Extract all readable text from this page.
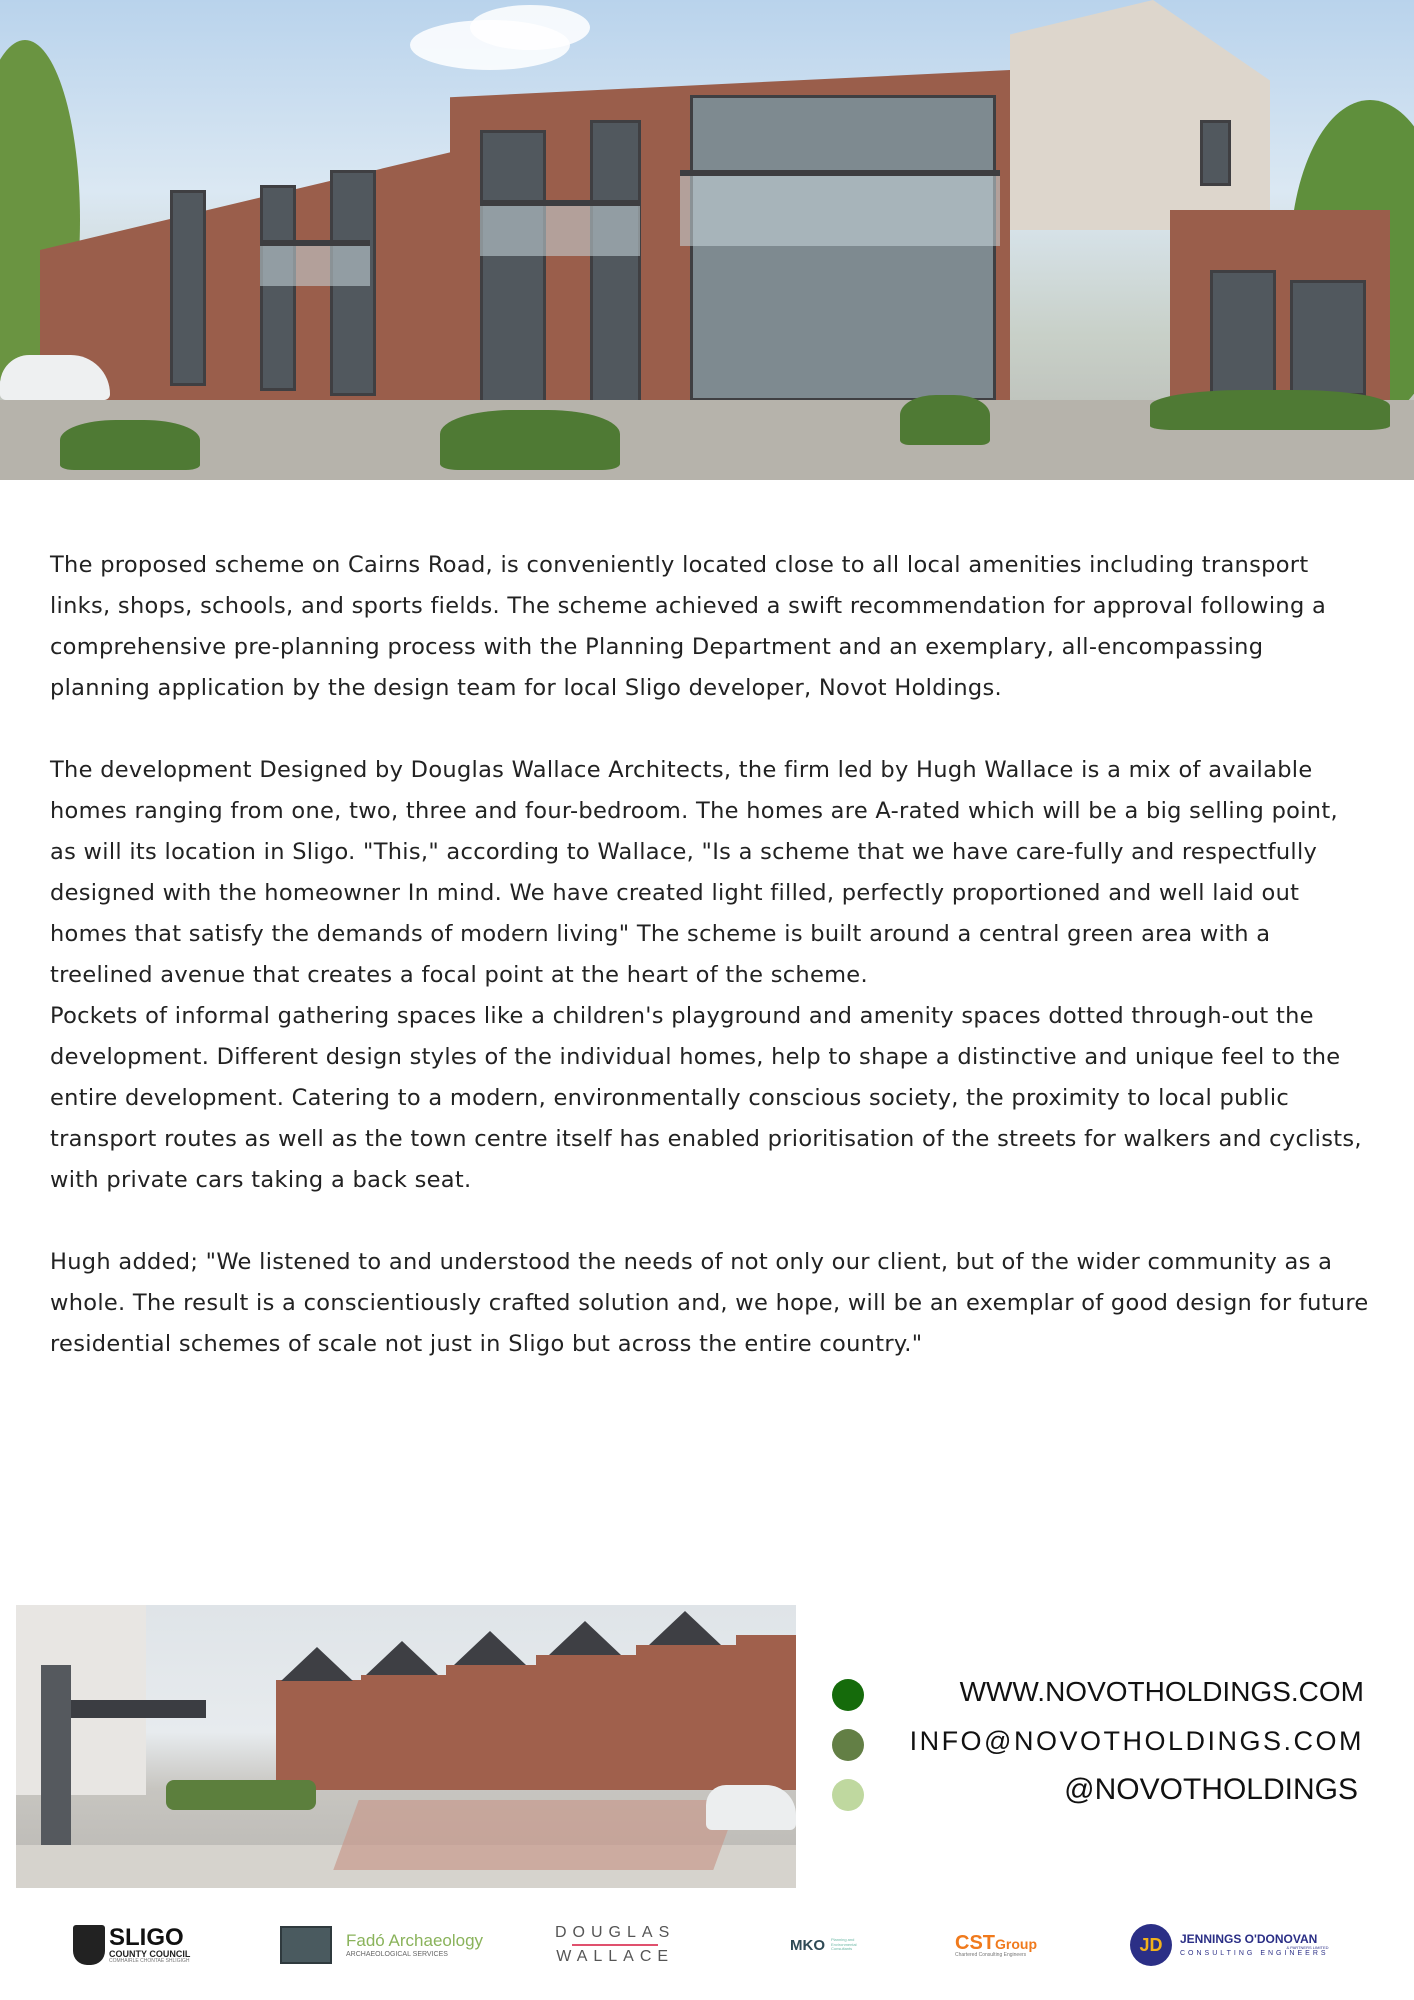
The proposed scheme on Cairns Road, is conveniently located close to all local amenities including transport links, shops, schools, and sports fields. The scheme achieved a swift recommendation for approval following a comprehensive pre-planning process with the Planning Department and an exemplary, all-encompassing planning application by the design team for local Sligo developer, Novot Holdings.

The development Designed by Douglas Wallace Architects, the firm led by Hugh Wallace is a mix of available homes ranging from one, two, three and four-bedroom. The homes are A-rated which will be a big selling point, as will its location in Sligo. "This," according to Wallace, "Is a scheme that we have care-fully and respectfully designed with the homeowner In mind. We have created light filled, perfectly proportioned and well laid out homes that satisfy the demands of modern living" The scheme is built around a central green area with a treelined avenue that creates a focal point at the heart of the scheme.

Pockets of informal gathering spaces like a children's playground and amenity spaces dotted through-out the development. Different design styles of the individual homes, help to shape a distinctive and unique feel to the entire development. Catering to a modern, environmentally conscious society, the proximity to local public transport routes as well as the town centre itself has enabled prioritisation of the streets for walkers and cyclists, with private cars taking a back seat.

Hugh added; "We listened to and understood the needs of not only our client, but of the wider community as a whole. The result is a conscientiously crafted solution and, we hope, will be an exemplar of good design for future residential schemes of scale not just in Sligo but across the entire country."

WWW.NOVOTHOLDINGS.COM
INFO@NOVOTHOLDINGS.COM
@NOVOTHOLDINGS
SLIGO
COUNTY COUNCIL
COMHAIRLE CHONTAE SHLIGIGH
Fadó Archaeology
ARCHAEOLOGICAL SERVICES
DOUGLAS
WALLACE
MKO Planning and Environmental Consultants	CSTGroup
Chartered Consulting Engineers	JD	JENNINGS O'DONOVAN
& PARTNERS LIMITED
CONSULTING ENGINEERS
